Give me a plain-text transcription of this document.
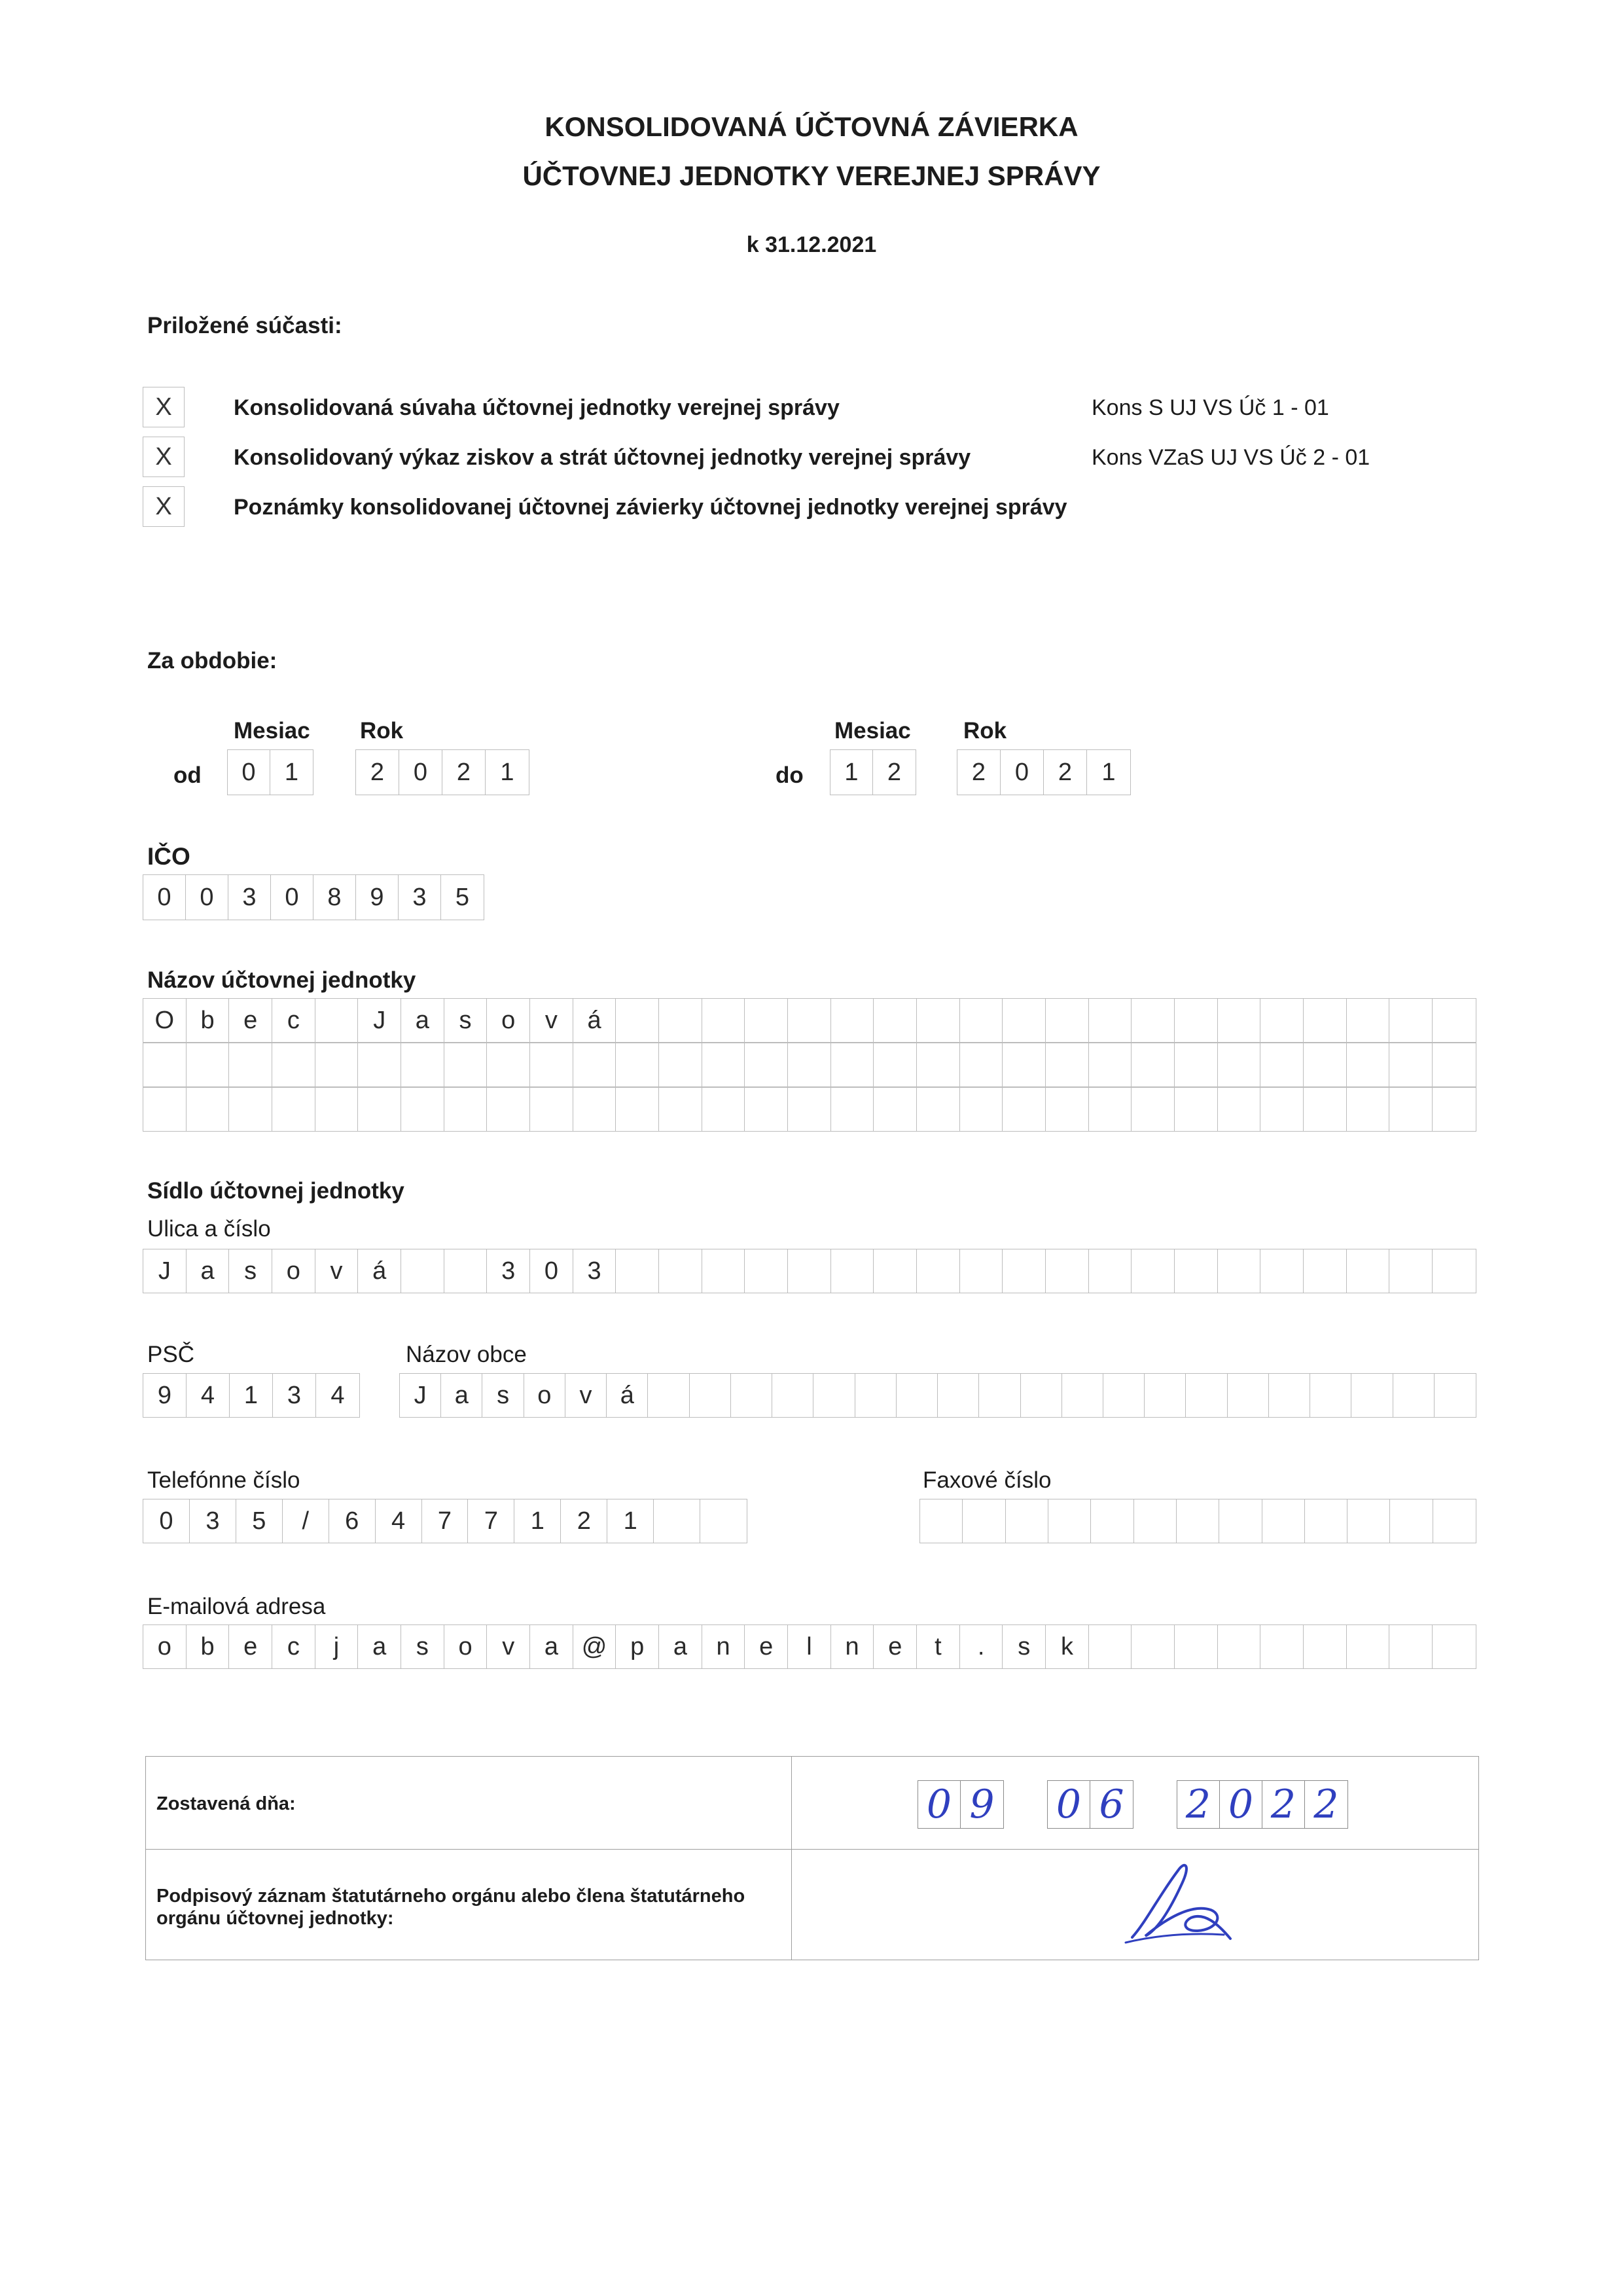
KONSOLIDOVANÁ ÚČTOVNÁ ZÁVIERKA
ÚČTOVNEJ JEDNOTKY VEREJNEJ SPRÁVY
k 31.12.2021
Priložené súčasti:
X	Konsolidovaná súvaha účtovnej jednotky verejnej správy	Kons S UJ VS Úč 1 - 01
X	Konsolidovaný výkaz ziskov a strát účtovnej jednotky verejnej správy	Kons VZaS UJ VS Úč 2 - 01
X	Poznámky konsolidovanej účtovnej závierky účtovnej jednotky verejnej správy
Za obdobie:
Mesiac Rok	Mesiac Rok
od	0	1	2	0	2	1	do	1	2	2	0	2	1
IČO
0	0	3	0	8	9	3	5
Názov účtovnej jednotky
O	b	e	c	J	a	s	o	v	á
Sídlo účtovnej jednotky
Ulica a číslo
J	a	s	o	v	á	3	0	3
PSČ	Názov obce
9	4	1	3	4	J	a	s	o	v	á
Telefónne číslo	Faxové číslo
0	3	5	/	6	4	7	7	1	2	1
E-mailová adresa
o	b	e	c	j	a	s	o	v	a @ p	a	n	e	l	n	e	t	.	s	k
Zostavená dňa:	0 9 0 6 2 0 2 2
Podpisový záznam štatutárneho orgánu alebo člena štatutárneho orgánu účtovnej jednotky:
